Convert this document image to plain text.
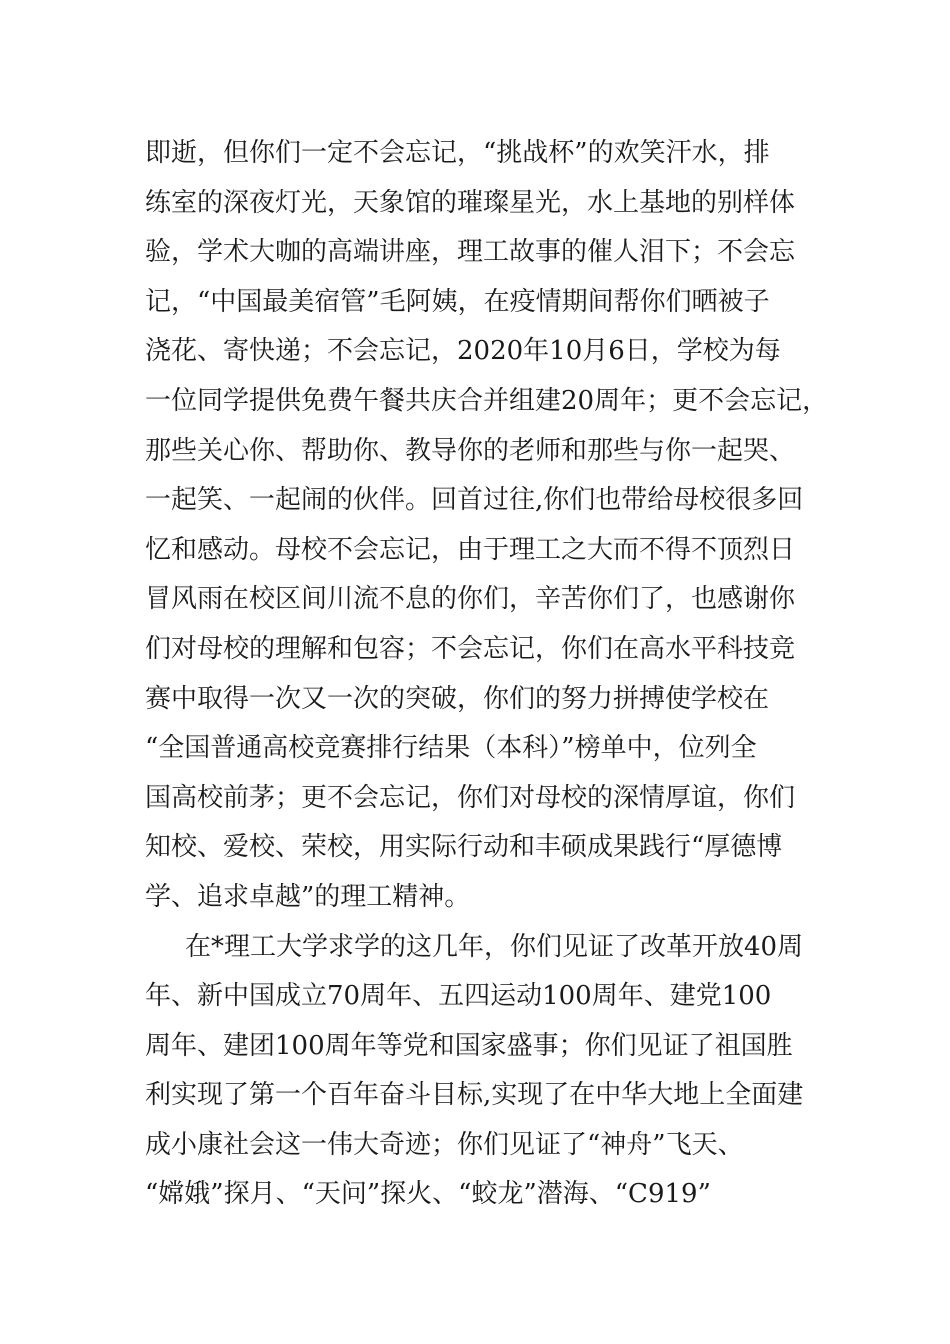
即逝，但你们一定不会忘记，“挑战杯”的欢笑汗水，排
练室的深夜灯光，天象馆的璀璨星光，水上基地的别样体
验，学术大咖的高端讲座，理工故事的催人泪下；不会忘
记，“中国最美宿管”毛阿姨，在疫情期间帮你们晒被子
浇花、寄快递；不会忘记，2020年10月6日，学校为每
一位同学提供免费午餐共庆合并组建20周年；更不会忘记，
那些关心你、帮助你、教导你的老师和那些与你一起哭、
一起笑、一起闹的伙伴。回首过往,你们也带给母校很多回
忆和感动。母校不会忘记，由于理工之大而不得不顶烈日
冒风雨在校区间川流不息的你们，辛苦你们了，也感谢你
们对母校的理解和包容；不会忘记，你们在高水平科技竞
赛中取得一次又一次的突破，你们的努力拼搏使学校在
“全国普通高校竞赛排行结果（本科）”榜单中，位列全
国高校前茅；更不会忘记，你们对母校的深情厚谊，你们
知校、爱校、荣校，用实际行动和丰硕成果践行“厚德博
学、追求卓越”的理工精神。
在*理工大学求学的这几年，你们见证了改革开放40周
年、新中国成立70周年、五四运动100周年、建党100
周年、建团100周年等党和国家盛事；你们见证了祖国胜
利实现了第一个百年奋斗目标,实现了在中华大地上全面建
成小康社会这一伟大奇迹；你们见证了“神舟”飞天、
“嫦娥”探月、“天问”探火、“蛟龙”潜海、“C919”
